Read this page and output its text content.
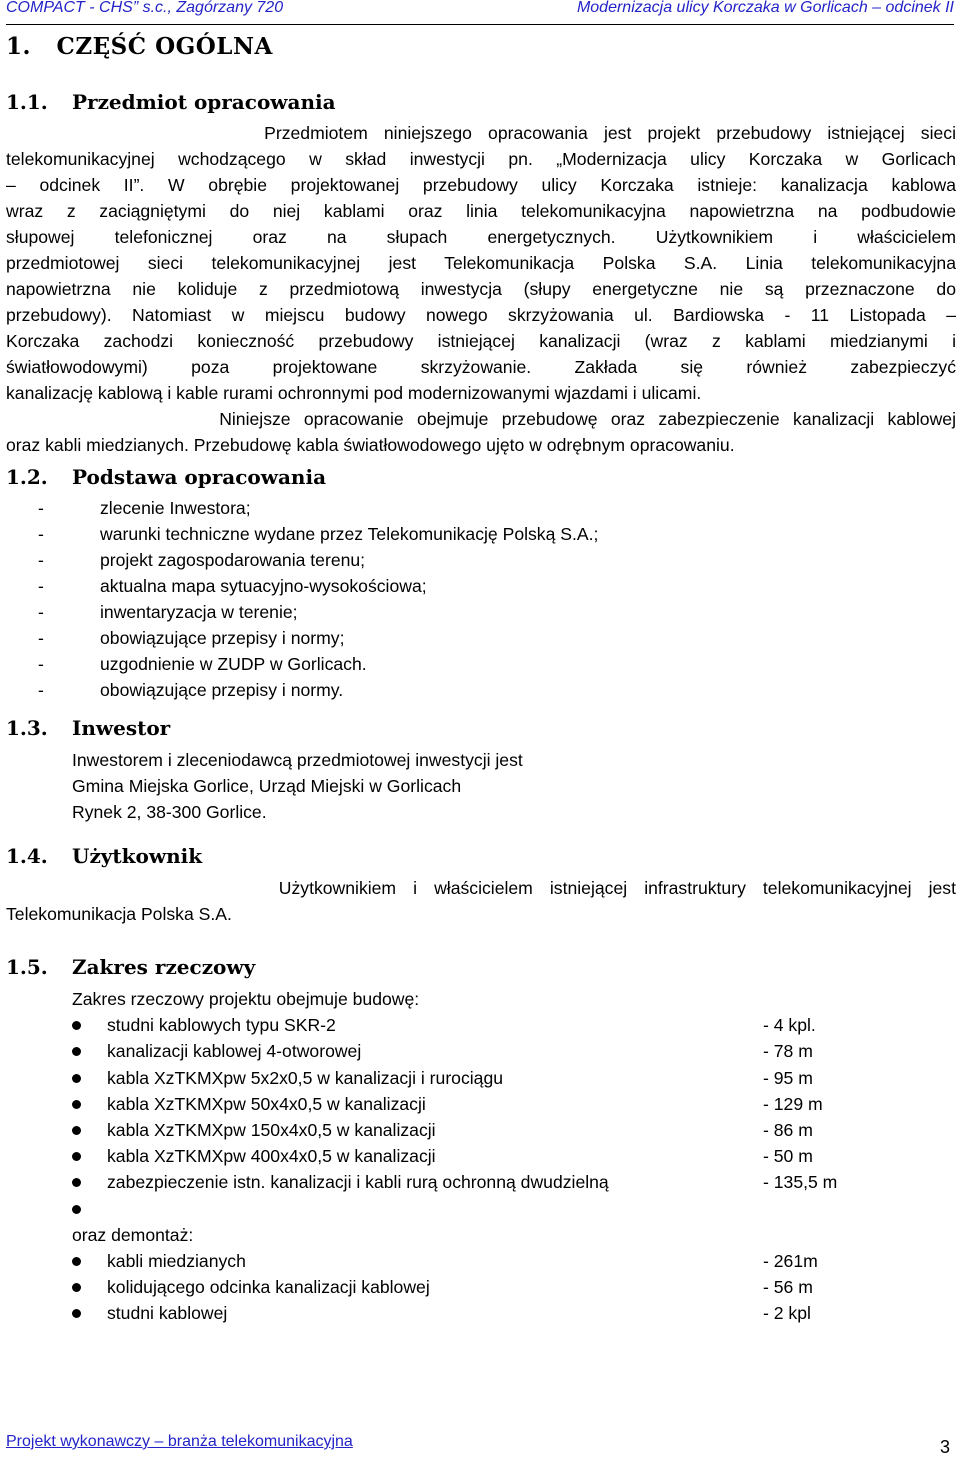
COMPACT - CHS” s.c., Zagórzany 720	Modernizacja ulicy Korczaka w Gorlicach – odcinek II
1.   CZĘŚĆ OGÓLNA
1.1. Przedmiot opracowania
Przedmiotem niniejszego opracowania jest projekt przebudowy istniejącej sieci
telekomunikacyjnej wchodzącego w skład inwestycji pn. „Modernizacja ulicy Korczaka w Gorlicach
– odcinek II”. W obrębie projektowanej przebudowy ulicy Korczaka istnieje: kanalizacja kablowa
wraz z zaciągniętymi do niej kablami oraz linia telekomunikacyjna napowietrzna na podbudowie
słupowej telefonicznej oraz na słupach energetycznych. Użytkownikiem i właścicielem
przedmiotowej sieci telekomunikacyjnej jest Telekomunikacja Polska S.A. Linia telekomunikacyjna
napowietrzna nie koliduje z przedmiotową inwestycja (słupy energetyczne nie są przeznaczone do
przebudowy). Natomiast w miejscu budowy nowego skrzyżowania ul. Bardiowska - 11 Listopada –
Korczaka zachodzi konieczność przebudowy istniejącej kanalizacji (wraz z kablami miedzianymi i
światłowodowymi) poza projektowane skrzyżowanie. Zakłada się również zabezpieczyć
kanalizację kablową i kable rurami ochronnymi pod modernizowanymi wjazdami i ulicami.
Niniejsze opracowanie obejmuje przebudowę oraz zabezpieczenie kanalizacji kablowej
oraz kabli miedzianych. Przebudowę kabla światłowodowego ujęto w odrębnym opracowaniu.
1.2. Podstawa opracowania
-	zlecenie Inwestora;
-	warunki techniczne wydane przez Telekomunikację Polską S.A.;
-	projekt zagospodarowania terenu;
-	aktualna mapa sytuacyjno-wysokościowa;
-	inwentaryzacja w terenie;
-	obowiązujące przepisy i normy;
-	uzgodnienie w ZUDP w Gorlicach.
-	obowiązujące przepisy i normy.
1.3. Inwestor
Inwestorem i zleceniodawcą przedmiotowej inwestycji jest
Gmina Miejska Gorlice, Urząd Miejski w Gorlicach
Rynek 2, 38-300 Gorlice.
1.4. Użytkownik
Użytkownikiem i właścicielem istniejącej infrastruktury telekomunikacyjnej jest
Telekomunikacja Polska S.A.
1.5. Zakres rzeczowy
Zakres rzeczowy projektu obejmuje budowę:
studni kablowych typu SKR-2	- 4 kpl.
kanalizacji kablowej 4-otworowej	- 78 m
kabla XzTKMXpw 5x2x0,5 w kanalizacji i rurociągu	- 95 m
kabla XzTKMXpw 50x4x0,5 w kanalizacji	- 129 m
kabla XzTKMXpw 150x4x0,5 w kanalizacji	- 86 m
kabla XzTKMXpw 400x4x0,5 w kanalizacji	- 50 m
zabezpieczenie istn. kanalizacji i kabli rurą ochronną dwudzielną	- 135,5 m
oraz demontaż:
kabli miedzianych	- 261m
kolidującego odcinka kanalizacji kablowej	- 56 m
studni kablowej	- 2 kpl
Projekt wykonawczy – branża telekomunikacyjna	3
